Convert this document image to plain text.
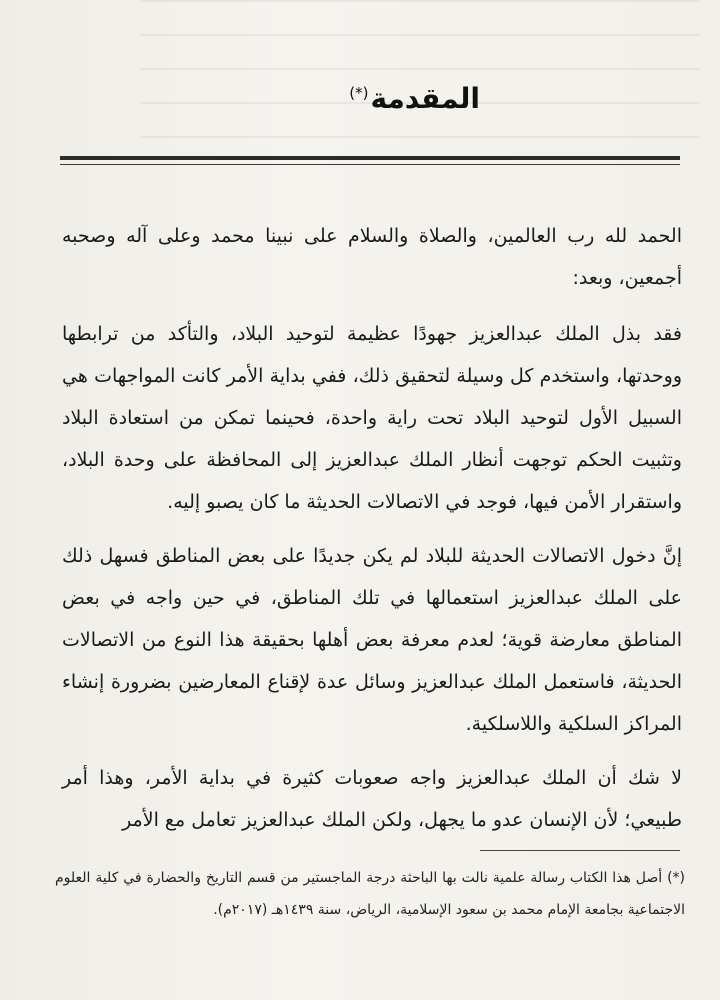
المقدمة(*)

الحمد لله رب العالمين، والصلاة والسلام على نبينا محمد وعلى آله وصحبه أجمعين، وبعد:

فقد بذل الملك عبدالعزيز جهودًا عظيمة لتوحيد البلاد، والتأكد من ترابطها ووحدتها، واستخدم كل وسيلة لتحقيق ذلك، ففي بداية الأمر كانت المواجهات هي السبيل الأول لتوحيد البلاد تحت راية واحدة، فحينما تمكن من استعادة البلاد وتثبيت الحكم توجهت أنظار الملك عبدالعزيز إلى المحافظة على وحدة البلاد، واستقرار الأمن فيها، فوجد في الاتصالات الحديثة ما كان يصبو إليه.

إنَّ دخول الاتصالات الحديثة للبلاد لم يكن جديدًا على بعض المناطق فسهل ذلك على الملك عبدالعزيز استعمالها في تلك المناطق، في حين واجه في بعض المناطق معارضة قوية؛ لعدم معرفة بعض أهلها بحقيقة هذا النوع من الاتصالات الحديثة، فاستعمل الملك عبدالعزيز وسائل عدة لإقناع المعارضين بضرورة إنشاء المراكز السلكية واللاسلكية.

لا شك أن الملك عبدالعزيز واجه صعوبات كثيرة في بداية الأمر، وهذا أمر طبيعي؛ لأن الإنسان عدو ما يجهل، ولكن الملك عبدالعزيز تعامل مع الأمر

(*) أصل هذا الكتاب رسالة علمية نالت بها الباحثة درجة الماجستير من قسم التاريخ والحضارة في كلية العلوم الاجتماعية بجامعة الإمام محمد بن سعود الإسلامية، الرياض، سنة ١٤٣٩هـ (٢٠١٧م).
